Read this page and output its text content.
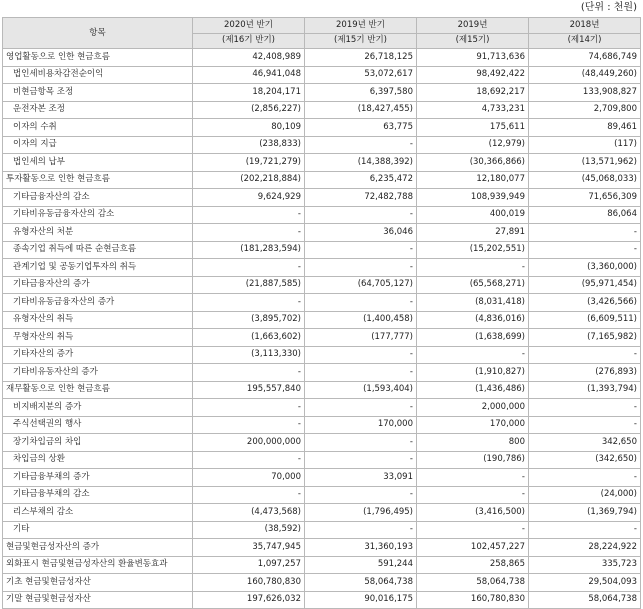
(단위 : 천원)
항목	2020년 반기	2019년 반기	2019년	2018년
	(제16기 반기)	(제15기 반기)	(제15기)	(제14기)
영업활동으로 인한 현금흐름	42,408,989	26,718,125	91,713,636	74,686,749
법인세비용차감전순이익	46,941,048	53,072,617	98,492,422	(48,449,260)
비현금항목 조정	18,204,171	6,397,580	18,692,217	133,908,827
운전자본 조정	(2,856,227)	(18,427,455)	4,733,231	2,709,800
이자의 수취	80,109	63,775	175,611	89,461
이자의 지급	(238,833)	-	(12,979)	(117)
법인세의 납부	(19,721,279)	(14,388,392)	(30,366,866)	(13,571,962)
투자활동으로 인한 현금흐름	(202,218,884)	6,235,472	12,180,077	(45,068,033)
기타금융자산의 감소	9,624,929	72,482,788	108,939,949	71,656,309
기타비유동금융자산의 감소	-	-	400,019	86,064
유형자산의 처분	-	36,046	27,891	-
종속기업 취득에 따른 순현금흐름	(181,283,594)	-	(15,202,551)	-
관계기업 및 공동기업투자의 취득	-	-	-	(3,360,000)
기타금융자산의 증가	(21,887,585)	(64,705,127)	(65,568,271)	(95,971,454)
기타비유동금융자산의 증가	-	-	(8,031,418)	(3,426,566)
유형자산의 취득	(3,895,702)	(1,400,458)	(4,836,016)	(6,609,511)
무형자산의 취득	(1,663,602)	(177,777)	(1,638,699)	(7,165,982)
기타자산의 증가	(3,113,330)	-	-	-
기타비유동자산의 증가	-	-	(1,910,827)	(276,893)
재무활동으로 인한 현금흐름	195,557,840	(1,593,404)	(1,436,486)	(1,393,794)
비지배지분의 증가	-	-	2,000,000	-
주식선택권의 행사	-	170,000	170,000	-
장기차입금의 차입	200,000,000	-	800	342,650
차입금의 상환	-	-	(190,786)	(342,650)
기타금융부채의 증가	70,000	33,091	-	-
기타금융부채의 감소	-	-	-	(24,000)
리스부채의 감소	(4,473,568)	(1,796,495)	(3,416,500)	(1,369,794)
기타	(38,592)	-	-	-
현금및현금성자산의 증가	35,747,945	31,360,193	102,457,227	28,224,922
외화표시 현금및현금성자산의 환율변동효과	1,097,257	591,244	258,865	335,723
기초 현금및현금성자산	160,780,830	58,064,738	58,064,738	29,504,093
기말 현금및현금성자산	197,626,032	90,016,175	160,780,830	58,064,738
